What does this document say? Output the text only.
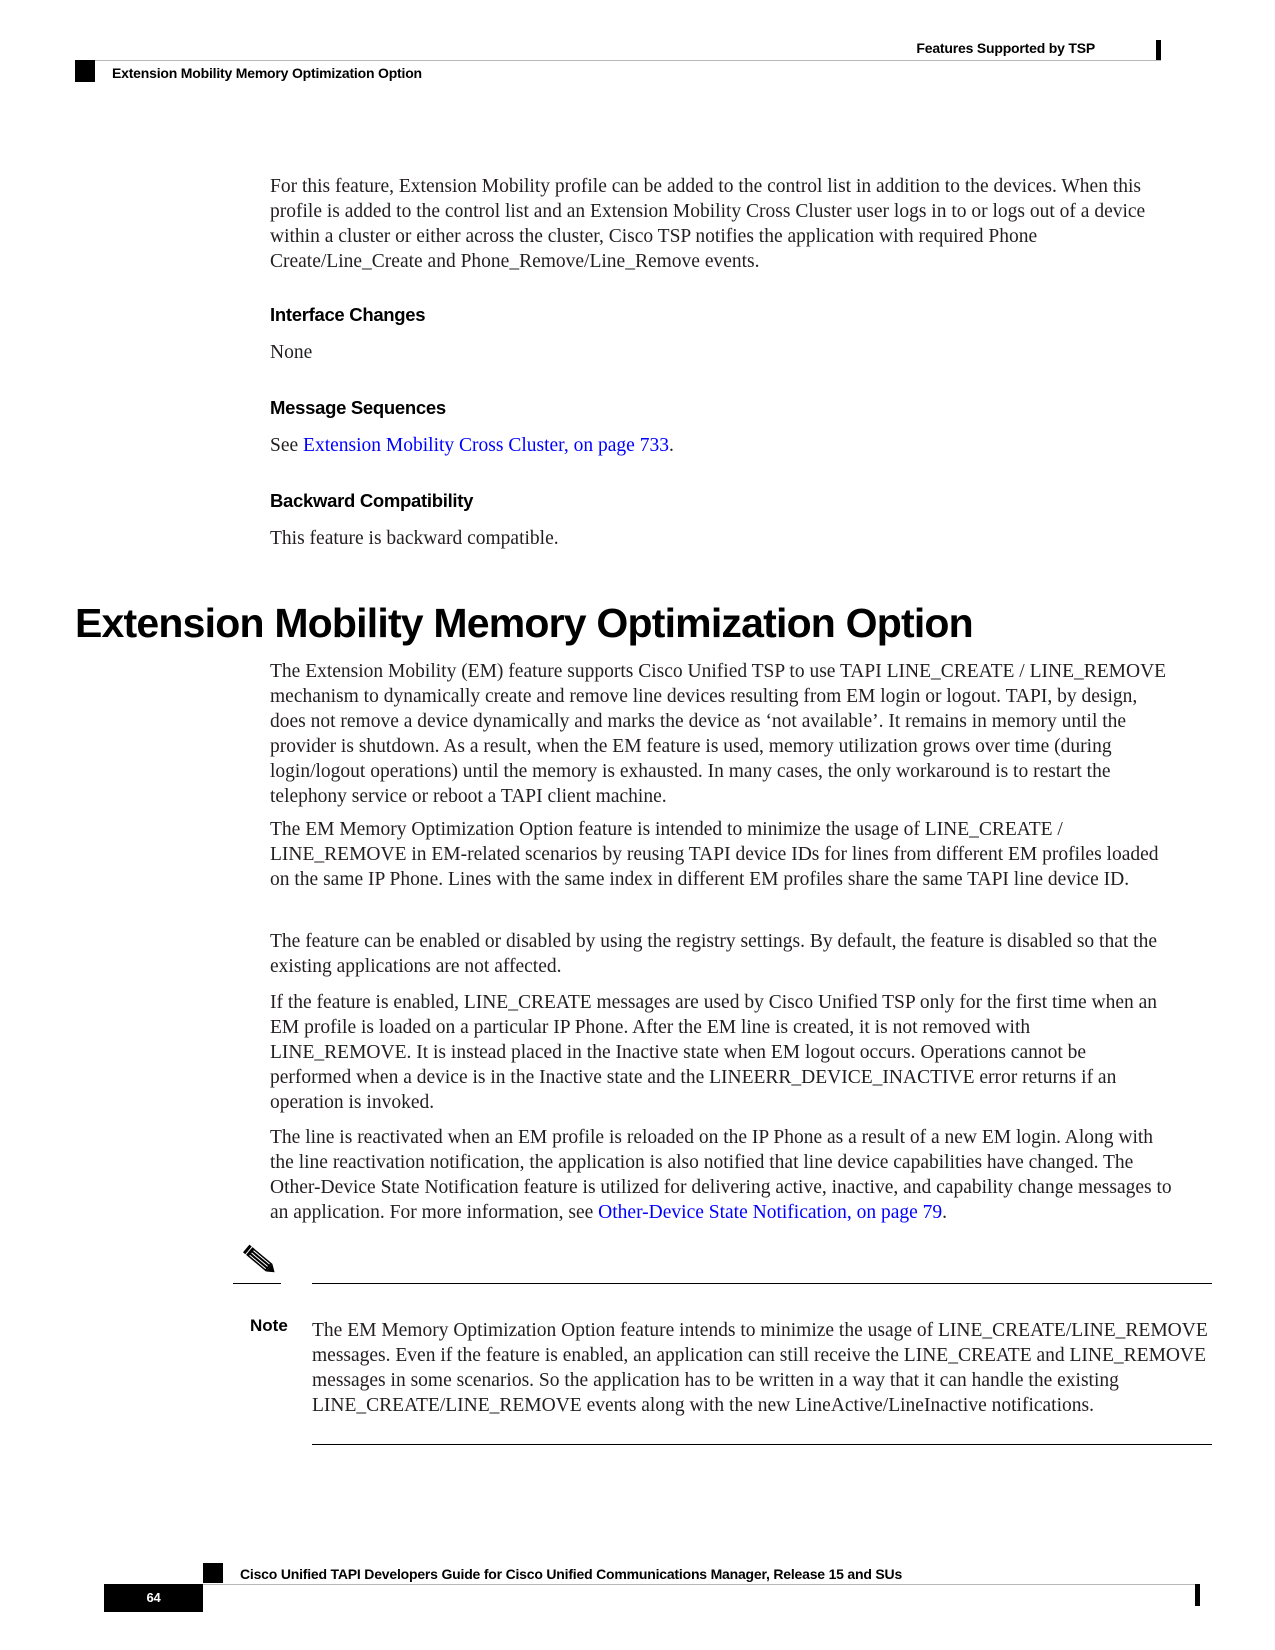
Features Supported by TSP
Extension Mobility Memory Optimization Option

For this feature, Extension Mobility profile can be added to the control list in addition to the devices. When this profile is added to the control list and an Extension Mobility Cross Cluster user logs in to or logs out of a device within a cluster or either across the cluster, Cisco TSP notifies the application with required Phone Create/Line_Create and Phone_Remove/Line_Remove events.

Interface Changes

None

Message Sequences

See Extension Mobility Cross Cluster, on page 733.

Backward Compatibility

This feature is backward compatible.

Extension Mobility Memory Optimization Option

The Extension Mobility (EM) feature supports Cisco Unified TSP to use TAPI LINE_CREATE / LINE_REMOVE mechanism to dynamically create and remove line devices resulting from EM login or logout. TAPI, by design, does not remove a device dynamically and marks the device as ‘not available’. It remains in memory until the provider is shutdown. As a result, when the EM feature is used, memory utilization grows over time (during login/logout operations) until the memory is exhausted. In many cases, the only workaround is to restart the telephony service or reboot a TAPI client machine.

The EM Memory Optimization Option feature is intended to minimize the usage of LINE_CREATE / LINE_REMOVE in EM-related scenarios by reusing TAPI device IDs for lines from different EM profiles loaded on the same IP Phone. Lines with the same index in different EM profiles share the same TAPI line device ID.

The feature can be enabled or disabled by using the registry settings. By default, the feature is disabled so that the existing applications are not affected.

If the feature is enabled, LINE_CREATE messages are used by Cisco Unified TSP only for the first time when an EM profile is loaded on a particular IP Phone. After the EM line is created, it is not removed with LINE_REMOVE. It is instead placed in the Inactive state when EM logout occurs. Operations cannot be performed when a device is in the Inactive state and the LINEERR_DEVICE_INACTIVE error returns if an operation is invoked.

The line is reactivated when an EM profile is reloaded on the IP Phone as a result of a new EM login. Along with the line reactivation notification, the application is also notified that line device capabilities have changed. The Other-Device State Notification feature is utilized for delivering active, inactive, and capability change messages to an application. For more information, see Other-Device State Notification, on page 79.

Note The EM Memory Optimization Option feature intends to minimize the usage of LINE_CREATE/LINE_REMOVE messages. Even if the feature is enabled, an application can still receive the LINE_CREATE and LINE_REMOVE messages in some scenarios. So the application has to be written in a way that it can handle the existing LINE_CREATE/LINE_REMOVE events along with the new LineActive/LineInactive notifications.

Cisco Unified TAPI Developers Guide for Cisco Unified Communications Manager, Release 15 and SUs
64
